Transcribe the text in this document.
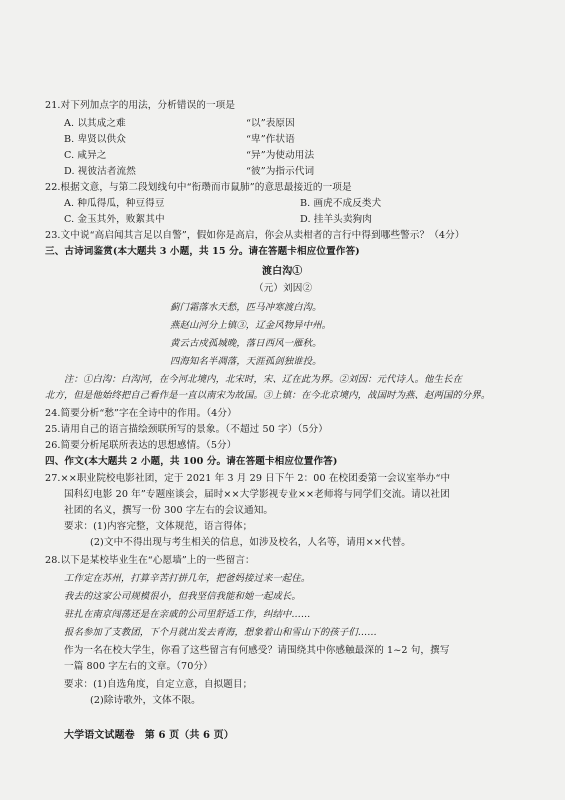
21.对下列加点字的用法，分析错误的一项是
A. 以其成之难	“以”表原因
B. 卑贤以供众	“卑”作状语
C. 咸异之	“异”为使动用法
D. 视彼沽者流然	“彼”为指示代词
22.根据文意，与第二段划线句中“衔瓒而市鼠肺”的意思最接近的一项是
A. 种瓜得瓜，种豆得豆	B. 画虎不成反类犬
C. 金玉其外，败絮其中	D. 挂羊头卖狗肉
23.文中说“高启闻其言足以自警”，假如你是高启，你会从卖柑者的言行中得到哪些警示？（4分）
三、古诗词鉴赏(本大题共 3 小题，共 15 分。请在答题卡相应位置作答)
渡白沟①
（元）刘因②
蓟门霜落水天愁，匹马冲寒渡白沟。
燕赵山河分上镇③，辽金风物异中州。
黄云古戍孤城晚，落日西风一雁秋。
四海知名半凋落，天涯孤剑独谁投。
注：①白沟：白沟河，在今河北境内，北宋时，宋、辽在此为界。②刘因：元代诗人。他生长在
北方，但是他始终把自己看作是一直以南宋为故国。③上镇：在今北京境内，战国时为燕、赵两国的分界。
24.简要分析“愁”字在全诗中的作用。（4分）
25.请用自己的语言描绘颈联所写的景象。（不超过 50 字）（5分）
26.简要分析尾联所表达的思想感情。（5分）
四、作文(本大题共 2 小题，共 100 分。请在答题卡相应位置作答)
27.××职业院校电影社团，定于 2021 年 3 月 29 日下午 2：00 在校团委第一会议室举办“中
国科幻电影 20 年”专题座谈会，届时××大学影视专业××老师将与同学们交流。请以社团
社团的名义，撰写一份 300 字左右的会议通知。
要求：(1)内容完整，文体规范，语言得体；
(2)文中不得出现与考生相关的信息，如涉及校名，人名等，请用××代替。
28.以下是某校毕业生在“心愿墙”上的一些留言：
工作定在苏州，打算辛苦打拼几年，把爸妈接过来一起住。
我去的这家公司规模很小，但我坚信我能和她一起成长。
驻扎在南京闯荡还是在亲戚的公司里舒适工作，纠结中……
报名参加了支教团，下个月就出发去青海，想象着山和雪山下的孩子们……
作为一名在校大学生，你看了这些留言有何感受？请围绕其中你感触最深的 1~2 句，撰写
一篇 800 字左右的文章。（70分）
要求：(1)自选角度，自定立意，自拟题目；
(2)除诗歌外，文体不限。
大学语文试题卷　第 6 页（共 6 页）
